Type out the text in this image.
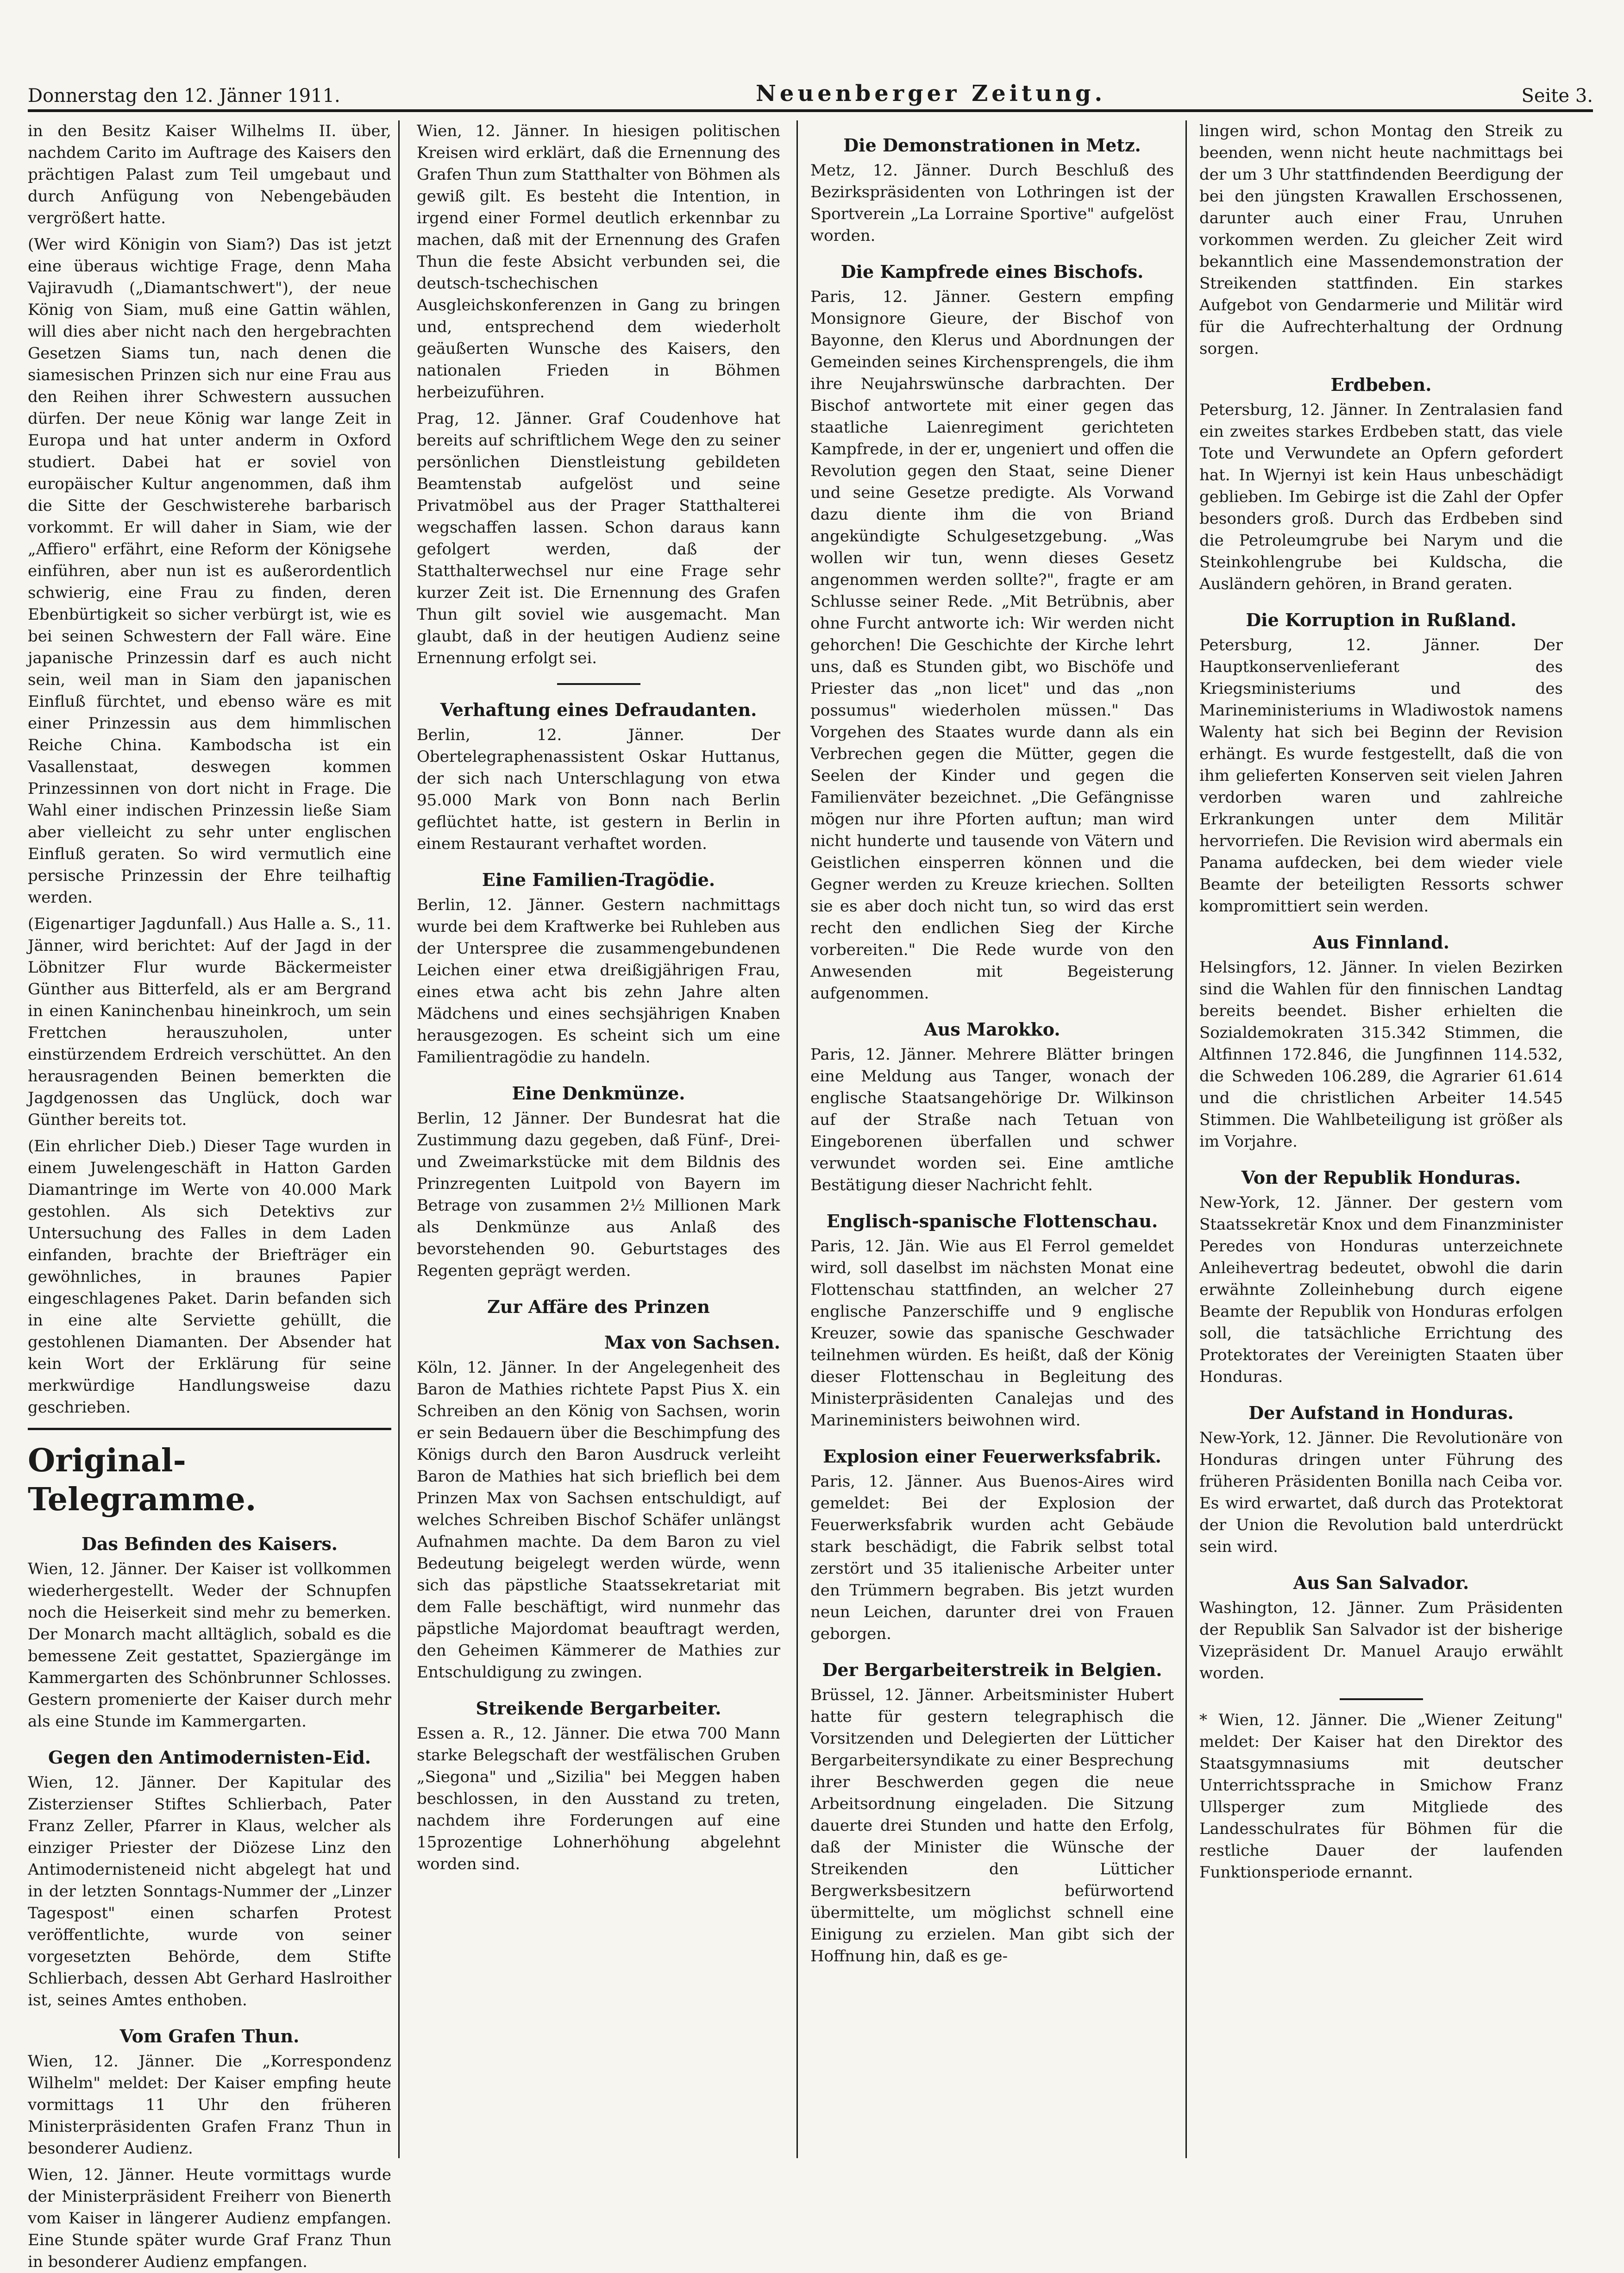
Donnerstag den 12. Jänner 1911.	Neuenberger Zeitung.	Seite 3.

in den Besitz Kaiser Wilhelms II. über, nachdem Carito im Auftrage des Kaisers den prächtigen Palast zum Teil umgebaut und durch Anfügung von Nebengebäuden vergrößert hatte.

(Wer wird Königin von Siam?) Das ist jetzt eine überaus wichtige Frage, denn Maha Vajiravudh („Diamantschwert"), der neue König von Siam, muß eine Gattin wählen, will dies aber nicht nach den hergebrachten Gesetzen Siams tun, nach denen die siamesischen Prinzen sich nur eine Frau aus den Reihen ihrer Schwestern aussuchen dürfen. Der neue König war lange Zeit in Europa und hat unter anderm in Oxford studiert. Dabei hat er soviel von europäischer Kultur angenommen, daß ihm die Sitte der Geschwisterehe barbarisch vorkommt. Er will daher in Siam, wie der „Affiero" erfährt, eine Reform der Königsehe einführen, aber nun ist es außerordentlich schwierig, eine Frau zu finden, deren Ebenbürtigkeit so sicher verbürgt ist, wie es bei seinen Schwestern der Fall wäre. Eine japanische Prinzessin darf es auch nicht sein, weil man in Siam den japanischen Einfluß fürchtet, und ebenso wäre es mit einer Prinzessin aus dem himmlischen Reiche China. Kambodscha ist ein Vasallenstaat, deswegen kommen Prinzessinnen von dort nicht in Frage. Die Wahl einer indischen Prinzessin ließe Siam aber vielleicht zu sehr unter englischen Einfluß geraten. So wird vermutlich eine persische Prinzessin der Ehre teilhaftig werden.

(Eigenartiger Jagdunfall.) Aus Halle a. S., 11. Jänner, wird berichtet: Auf der Jagd in der Löbnitzer Flur wurde Bäckermeister Günther aus Bitterfeld, als er am Bergrand in einen Kaninchenbau hineinkroch, um sein Frettchen herauszuholen, unter einstürzendem Erdreich verschüttet. An den herausragenden Beinen bemerkten die Jagdgenossen das Unglück, doch war Günther bereits tot.

(Ein ehrlicher Dieb.) Dieser Tage wurden in einem Juwelengeschäft in Hatton Garden Diamantringe im Werte von 40.000 Mark gestohlen. Als sich Detektivs zur Untersuchung des Falles in dem Laden einfanden, brachte der Briefträger ein gewöhnliches, in braunes Papier eingeschlagenes Paket. Darin befanden sich in eine alte Serviette gehüllt, die gestohlenen Diamanten. Der Absender hat kein Wort der Erklärung für seine merkwürdige Handlungsweise dazu geschrieben.

Original-Telegramme.
Das Befinden des Kaisers.

Wien, 12. Jänner. Der Kaiser ist vollkommen wiederhergestellt. Weder der Schnupfen noch die Heiserkeit sind mehr zu bemerken. Der Monarch macht alltäglich, sobald es die bemessene Zeit gestattet, Spaziergänge im Kammergarten des Schönbrunner Schlosses. Gestern promenierte der Kaiser durch mehr als eine Stunde im Kammergarten.

Gegen den Antimodernisten-Eid.

Wien, 12. Jänner. Der Kapitular des Zisterzienser Stiftes Schlierbach, Pater Franz Zeller, Pfarrer in Klaus, welcher als einziger Priester der Diözese Linz den Antimodernisteneid nicht abgelegt hat und in der letzten Sonntags-Nummer der „Linzer Tagespost" einen scharfen Protest veröffentlichte, wurde von seiner vorgesetzten Behörde, dem Stifte Schlierbach, dessen Abt Gerhard Haslroither ist, seines Amtes enthoben.

Vom Grafen Thun.

Wien, 12. Jänner. Die „Korrespondenz Wilhelm" meldet: Der Kaiser empfing heute vormittags 11 Uhr den früheren Ministerpräsidenten Grafen Franz Thun in besonderer Audienz.

Wien, 12. Jänner. Heute vormittags wurde der Ministerpräsident Freiherr von Bienerth vom Kaiser in längerer Audienz empfangen. Eine Stunde später wurde Graf Franz Thun in besonderer Audienz empfangen.

Wien, 12. Jänner. In hiesigen politischen Kreisen wird erklärt, daß die Ernennung des Grafen Thun zum Statthalter von Böhmen als gewiß gilt. Es besteht die Intention, in irgend einer Formel deutlich erkennbar zu machen, daß mit der Ernennung des Grafen Thun die feste Absicht verbunden sei, die deutsch-tschechischen Ausgleichskonferenzen in Gang zu bringen und, entsprechend dem wiederholt geäußerten Wunsche des Kaisers, den nationalen Frieden in Böhmen herbeizuführen.

Prag, 12. Jänner. Graf Coudenhove hat bereits auf schriftlichem Wege den zu seiner persönlichen Dienstleistung gebildeten Beamtenstab aufgelöst und seine Privatmöbel aus der Prager Statthalterei wegschaffen lassen. Schon daraus kann gefolgert werden, daß der Statthalterwechsel nur eine Frage sehr kurzer Zeit ist. Die Ernennung des Grafen Thun gilt soviel wie ausgemacht. Man glaubt, daß in der heutigen Audienz seine Ernennung erfolgt sei.

Verhaftung eines Defraudanten.

Berlin, 12. Jänner. Der Obertelegraphenassistent Oskar Huttanus, der sich nach Unterschlagung von etwa 95.000 Mark von Bonn nach Berlin geflüchtet hatte, ist gestern in Berlin in einem Restaurant verhaftet worden.

Eine Familien-Tragödie.

Berlin, 12. Jänner. Gestern nachmittags wurde bei dem Kraftwerke bei Ruhleben aus der Unterspree die zusammengebundenen Leichen einer etwa dreißigjährigen Frau, eines etwa acht bis zehn Jahre alten Mädchens und eines sechsjährigen Knaben herausgezogen. Es scheint sich um eine Familientragödie zu handeln.

Eine Denkmünze.

Berlin, 12 Jänner. Der Bundesrat hat die Zustimmung dazu gegeben, daß Fünf-, Drei- und Zweimarkstücke mit dem Bildnis des Prinzregenten Luitpold von Bayern im Betrage von zusammen 2½ Millionen Mark als Denkmünze aus Anlaß des bevorstehenden 90. Geburtstages des Regenten geprägt werden.

Zur Affäre des Prinzen
Max von Sachsen.

Köln, 12. Jänner. In der Angelegenheit des Baron de Mathies richtete Papst Pius X. ein Schreiben an den König von Sachsen, worin er sein Bedauern über die Beschimpfung des Königs durch den Baron Ausdruck verleiht Baron de Mathies hat sich brieflich bei dem Prinzen Max von Sachsen entschuldigt, auf welches Schreiben Bischof Schäfer unlängst Aufnahmen machte. Da dem Baron zu viel Bedeutung beigelegt werden würde, wenn sich das päpstliche Staatssekretariat mit dem Falle beschäftigt, wird nunmehr das päpstliche Majordomat beauftragt werden, den Geheimen Kämmerer de Mathies zur Entschuldigung zu zwingen.

Streikende Bergarbeiter.

Essen a. R., 12. Jänner. Die etwa 700 Mann starke Belegschaft der westfälischen Gruben „Siegona" und „Sizilia" bei Meggen haben beschlossen, in den Ausstand zu treten, nachdem ihre Forderungen auf eine 15prozentige Lohnerhöhung abgelehnt worden sind.

Die Demonstrationen in Metz.

Metz, 12. Jänner. Durch Beschluß des Bezirkspräsidenten von Lothringen ist der Sportverein „La Lorraine Sportive" aufgelöst worden.

Die Kampfrede eines Bischofs.

Paris, 12. Jänner. Gestern empfing Monsignore Gieure, der Bischof von Bayonne, den Klerus und Abordnungen der Gemeinden seines Kirchensprengels, die ihm ihre Neujahrswünsche darbrachten. Der Bischof antwortete mit einer gegen das staatliche Laienregiment gerichteten Kampfrede, in der er, ungeniert und offen die Revolution gegen den Staat, seine Diener und seine Gesetze predigte. Als Vorwand dazu diente ihm die von Briand angekündigte Schulgesetzgebung. „Was wollen wir tun, wenn dieses Gesetz angenommen werden sollte?", fragte er am Schlusse seiner Rede. „Mit Betrübnis, aber ohne Furcht antworte ich: Wir werden nicht gehorchen! Die Geschichte der Kirche lehrt uns, daß es Stunden gibt, wo Bischöfe und Priester das „non licet" und das „non possumus" wiederholen müssen." Das Vorgehen des Staates wurde dann als ein Verbrechen gegen die Mütter, gegen die Seelen der Kinder und gegen die Familienväter bezeichnet. „Die Gefängnisse mögen nur ihre Pforten auftun; man wird nicht hunderte und tausende von Vätern und Geistlichen einsperren können und die Gegner werden zu Kreuze kriechen. Sollten sie es aber doch nicht tun, so wird das erst recht den endlichen Sieg der Kirche vorbereiten." Die Rede wurde von den Anwesenden mit Begeisterung aufgenommen.

Aus Marokko.

Paris, 12. Jänner. Mehrere Blätter bringen eine Meldung aus Tanger, wonach der englische Staatsangehörige Dr. Wilkinson auf der Straße nach Tetuan von Eingeborenen überfallen und schwer verwundet worden sei. Eine amtliche Bestätigung dieser Nachricht fehlt.

Englisch-spanische Flottenschau.

Paris, 12. Jän. Wie aus El Ferrol gemeldet wird, soll daselbst im nächsten Monat eine Flottenschau stattfinden, an welcher 27 englische Panzerschiffe und 9 englische Kreuzer, sowie das spanische Geschwader teilnehmen würden. Es heißt, daß der König dieser Flottenschau in Begleitung des Ministerpräsidenten Canalejas und des Marineministers beiwohnen wird.

Explosion einer Feuerwerksfabrik.

Paris, 12. Jänner. Aus Buenos-Aires wird gemeldet: Bei der Explosion der Feuerwerksfabrik wurden acht Gebäude stark beschädigt, die Fabrik selbst total zerstört und 35 italienische Arbeiter unter den Trümmern begraben. Bis jetzt wurden neun Leichen, darunter drei von Frauen geborgen.

Der Bergarbeiterstreik in Belgien.

Brüssel, 12. Jänner. Arbeitsminister Hubert hatte für gestern telegraphisch die Vorsitzenden und Delegierten der Lütticher Bergarbeitersyndikate zu einer Besprechung ihrer Beschwerden gegen die neue Arbeitsordnung eingeladen. Die Sitzung dauerte drei Stunden und hatte den Erfolg, daß der Minister die Wünsche der Streikenden den Lütticher Bergwerksbesitzern befürwortend übermittelte, um möglichst schnell eine Einigung zu erzielen. Man gibt sich der Hoffnung hin, daß es ge-

lingen wird, schon Montag den Streik zu beenden, wenn nicht heute nachmittags bei der um 3 Uhr stattfindenden Beerdigung der bei den jüngsten Krawallen Erschossenen, darunter auch einer Frau, Unruhen vorkommen werden. Zu gleicher Zeit wird bekanntlich eine Massendemonstration der Streikenden stattfinden. Ein starkes Aufgebot von Gendarmerie und Militär wird für die Aufrechterhaltung der Ordnung sorgen.

Erdbeben.

Petersburg, 12. Jänner. In Zentralasien fand ein zweites starkes Erdbeben statt, das viele Tote und Verwundete an Opfern gefordert hat. In Wjernyi ist kein Haus unbeschädigt geblieben. Im Gebirge ist die Zahl der Opfer besonders groß. Durch das Erdbeben sind die Petroleumgrube bei Narym und die Steinkohlengrube bei Kuldscha, die Ausländern gehören, in Brand geraten.

Die Korruption in Rußland.

Petersburg, 12. Jänner. Der Hauptkonservenlieferant des Kriegsministeriums und des Marineministeriums in Wladiwostok namens Walenty hat sich bei Beginn der Revision erhängt. Es wurde festgestellt, daß die von ihm gelieferten Konserven seit vielen Jahren verdorben waren und zahlreiche Erkrankungen unter dem Militär hervorriefen. Die Revision wird abermals ein Panama aufdecken, bei dem wieder viele Beamte der beteiligten Ressorts schwer kompromittiert sein werden.

Aus Finnland.

Helsingfors, 12. Jänner. In vielen Bezirken sind die Wahlen für den finnischen Landtag bereits beendet. Bisher erhielten die Sozialdemokraten 315.342 Stimmen, die Altfinnen 172.846, die Jungfinnen 114.532, die Schweden 106.289, die Agrarier 61.614 und die christlichen Arbeiter 14.545 Stimmen. Die Wahlbeteiligung ist größer als im Vorjahre.

Von der Republik Honduras.

New-York, 12. Jänner. Der gestern vom Staatssekretär Knox und dem Finanzminister Peredes von Honduras unterzeichnete Anleihevertrag bedeutet, obwohl die darin erwähnte Zolleinhebung durch eigene Beamte der Republik von Honduras erfolgen soll, die tatsächliche Errichtung des Protektorates der Vereinigten Staaten über Honduras.

Der Aufstand in Honduras.

New-York, 12. Jänner. Die Revolutionäre von Honduras dringen unter Führung des früheren Präsidenten Bonilla nach Ceiba vor. Es wird erwartet, daß durch das Protektorat der Union die Revolution bald unterdrückt sein wird.

Aus San Salvador.

Washington, 12. Jänner. Zum Präsidenten der Republik San Salvador ist der bisherige Vizepräsident Dr. Manuel Araujo erwählt worden.

* Wien, 12. Jänner. Die „Wiener Zeitung" meldet: Der Kaiser hat den Direktor des Staatsgymnasiums mit deutscher Unterrichtssprache in Smichow Franz Ullsperger zum Mitgliede des Landesschulrates für Böhmen für die restliche Dauer der laufenden Funktionsperiode ernannt.
